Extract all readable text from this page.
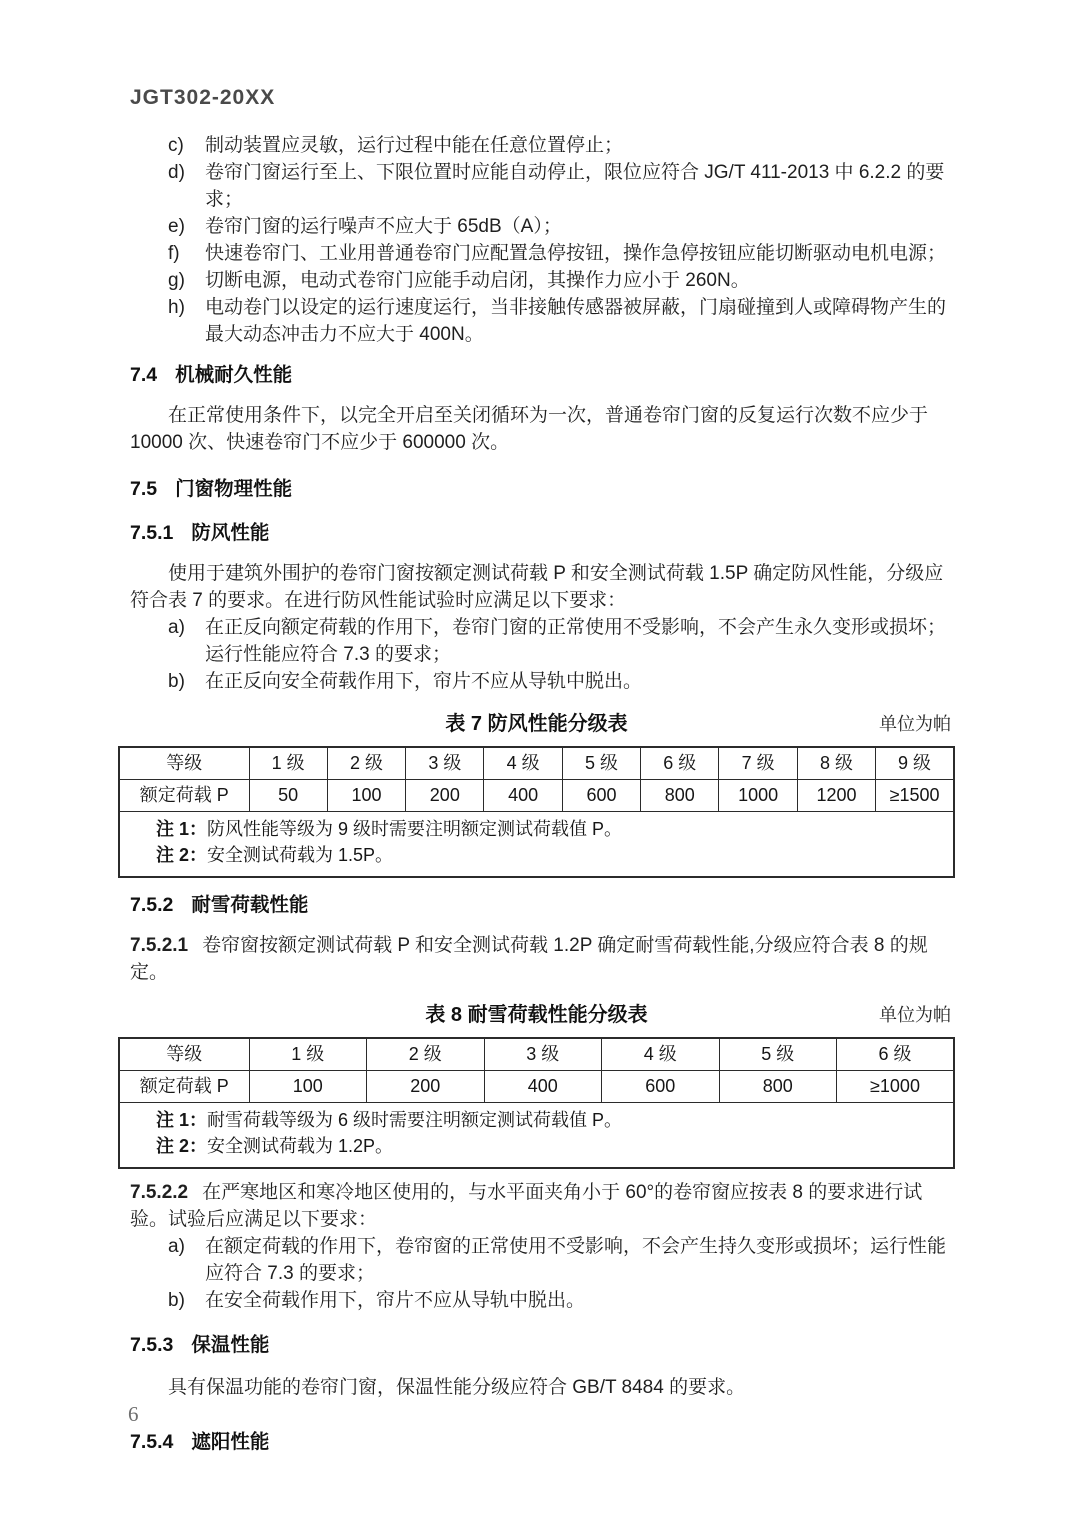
JGT302-20XX
c)	制动装置应灵敏，运行过程中能在任意位置停止；
d)	卷帘门窗运行至上、下限位置时应能自动停止，限位应符合 JG/T 411-2013 中 6.2.2 的要求；
e)	卷帘门窗的运行噪声不应大于 65dB（A）；
f)	快速卷帘门、工业用普通卷帘门应配置急停按钮，操作急停按钮应能切断驱动电机电源；
g)	切断电源，电动式卷帘门应能手动启闭，其操作力应小于 260N。
h)	电动卷门以设定的运行速度运行，当非接触传感器被屏蔽，门扇碰撞到人或障碍物产生的最大动态冲击力不应大于 400N。
7.4 机械耐久性能

在正常使用条件下，以完全开启至关闭循环为一次，普通卷帘门窗的反复运行次数不应少于 10000 次、快速卷帘门不应少于 600000 次。

7.5 门窗物理性能
7.5.1 防风性能

使用于建筑外围护的卷帘门窗按额定测试荷载 P 和安全测试荷载 1.5P 确定防风性能，分级应符合表 7 的要求。在进行防风性能试验时应满足以下要求：

a)	在正反向额定荷载的作用下，卷帘门窗的正常使用不受影响，不会产生永久变形或损坏；运行性能应符合 7.3 的要求；
b)	在正反向安全荷载作用下，帘片不应从导轨中脱出。
表 7 防风性能分级表	单位为帕
等级	1 级	2 级	3 级	4 级	5 级	6 级	7 级	8 级	9 级
额定荷载 P	50	100	200	400	600	800	1000	1200	≥1500

注 1：防风性能等级为 9 级时需要注明额定测试荷载值 P。
注 2：安全测试荷载为 1.5P。									
7.5.2 耐雪荷载性能

7.5.2.1 卷帘窗按额定测试荷载 P 和安全测试荷载 1.2P 确定耐雪荷载性能,分级应符合表 8 的规定。

表 8 耐雪荷载性能分级表	单位为帕
等级	1 级	2 级	3 级	4 级	5 级	6 级
额定荷载 P	100	200	400	600	800	≥1000

注 1：耐雪荷载等级为 6 级时需要注明额定测试荷载值 P。
注 2：安全测试荷载为 1.2P。						

7.5.2.2 在严寒地区和寒冷地区使用的，与水平面夹角小于 60°的卷帘窗应按表 8 的要求进行试验。试验后应满足以下要求：

a)	在额定荷载的作用下，卷帘窗的正常使用不受影响，不会产生持久变形或损坏；运行性能应符合 7.3 的要求；
b)	在安全荷载作用下，帘片不应从导轨中脱出。
7.5.3 保温性能

具有保温功能的卷帘门窗，保温性能分级应符合 GB/T 8484 的要求。

7.5.4 遮阳性能
6
